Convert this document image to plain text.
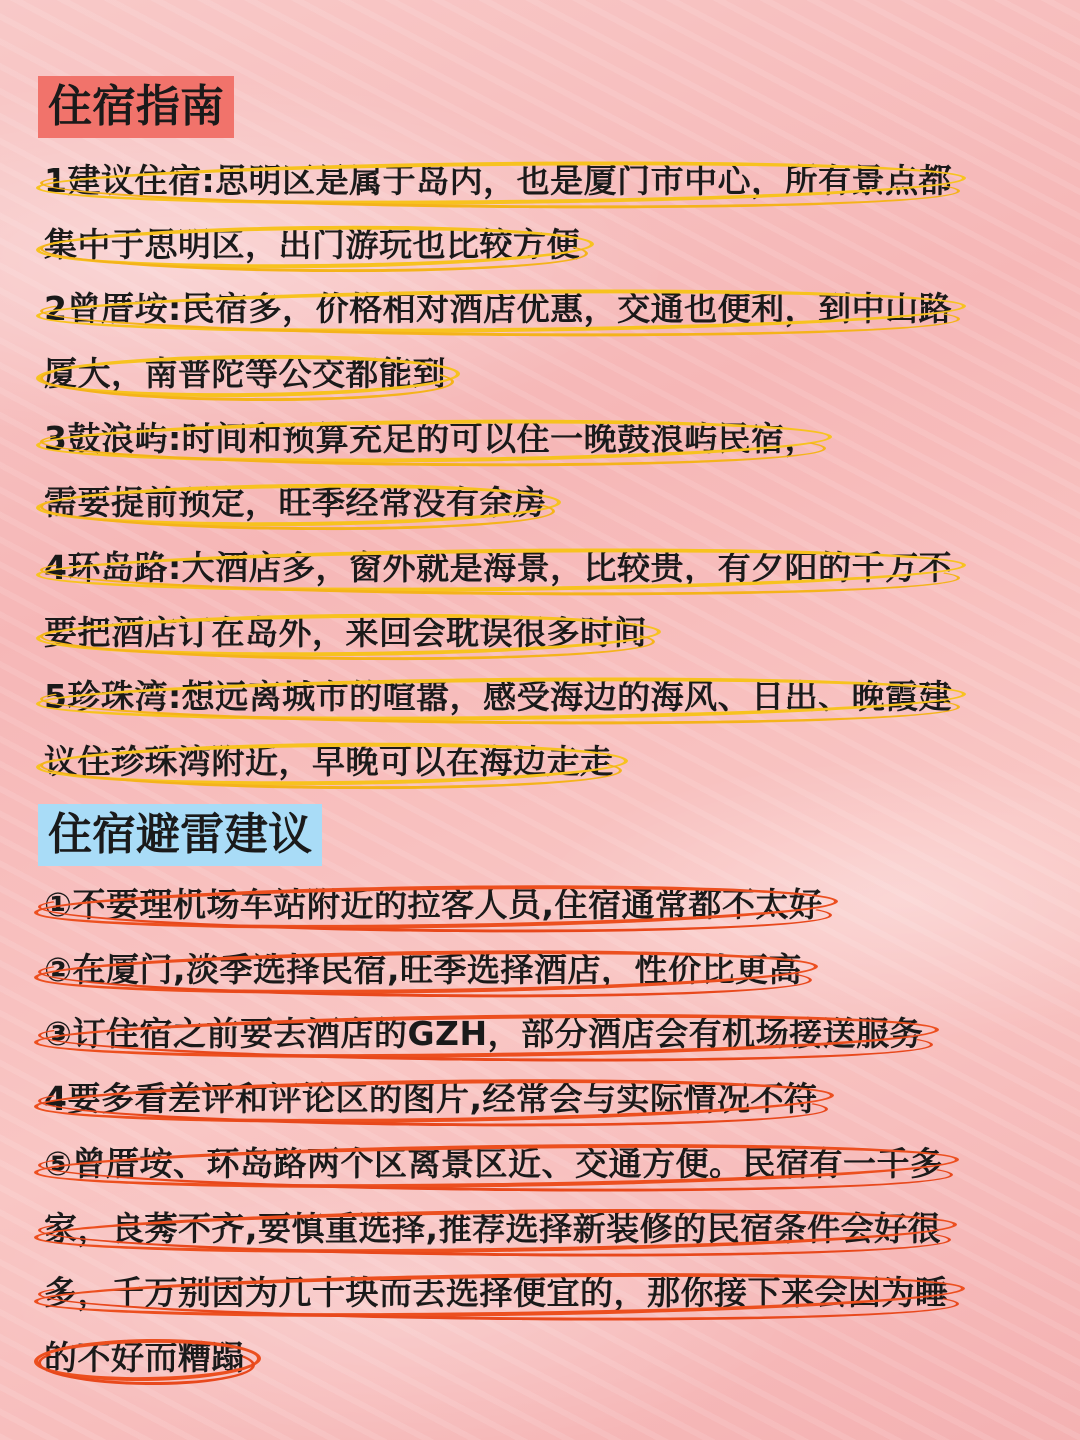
住宿指南
1建议住宿:思明区是属于岛内，也是厦门市中心，所有景点都
集中于思明区，出门游玩也比较方便
2曾厝垵:民宿多，价格相对酒店优惠，交通也便利，到中山路
厦大，南普陀等公交都能到
3鼓浪屿:时间和预算充足的可以住一晚鼓浪屿民宿，
需要提前预定，旺季经常没有余房
4环岛路:大酒店多，窗外就是海景，比较贵，有夕阳的千万不
要把酒店订在岛外，来回会耽误很多时间
5珍珠湾:想远离城市的喧嚣，感受海边的海风、日出、晚霞建
议住珍珠湾附近，早晚可以在海边走走
住宿避雷建议
①不要理机场车站附近的拉客人员,住宿通常都不太好
②在厦门,淡季选择民宿,旺季选择酒店，性价比更高
③订住宿之前要去酒店的GZH，部分酒店会有机场接送服务
4要多看差评和评论区的图片,经常会与实际情况不符
⑤曾厝垵、环岛路两个区离景区近、交通方便。民宿有一千多
家，良莠不齐,要慎重选择,推荐选择新装修的民宿条件会好很
多，千万别因为几十块而去选择便宜的，那你接下来会因为睡
的不好而糟蹋
